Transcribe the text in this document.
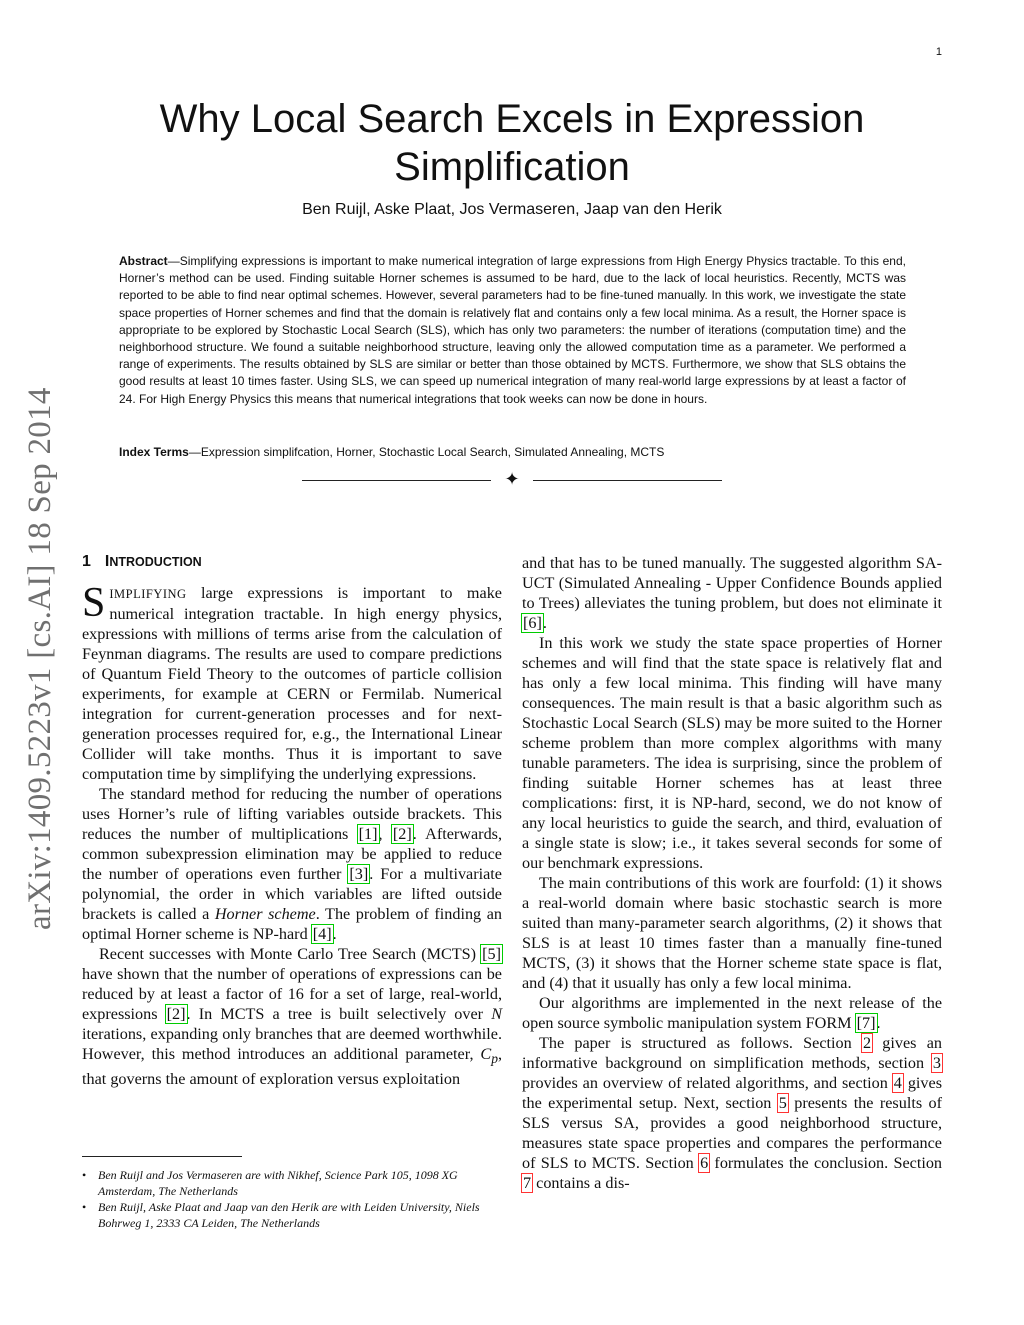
1
arXiv:1409.5223v1 [cs.AI] 18 Sep 2014
Why Local Search Excels in Expression Simplification
Ben Ruijl, Aske Plaat, Jos Vermaseren, Jaap van den Herik

Abstract—Simplifying expressions is important to make numerical integration of large expressions from High Energy Physics tractable. To this end, Horner’s method can be used. Finding suitable Horner schemes is assumed to be hard, due to the lack of local heuristics. Recently, MCTS was reported to be able to find near optimal schemes. However, several parameters had to be fine-tuned manually. In this work, we investigate the state space properties of Horner schemes and find that the domain is relatively flat and contains only a few local minima. As a result, the Horner space is appropriate to be explored by Stochastic Local Search (SLS), which has only two parameters: the number of iterations (computation time) and the neighborhood structure. We found a suitable neighborhood structure, leaving only the allowed computation time as a parameter. We performed a range of experiments. The results obtained by SLS are similar or better than those obtained by MCTS. Furthermore, we show that SLS obtains the good results at least 10 times faster. Using SLS, we can speed up numerical integration of many real-world large expressions by at least a factor of 24. For High Energy Physics this means that numerical integrations that took weeks can now be done in hours.

Index Terms—Expression simplifcation, Horner, Stochastic Local Search, Simulated Annealing, MCTS

✦
1 INTRODUCTION

SIMPLIFYING large expressions is important to make numerical integration tractable. In high energy physics, expressions with millions of terms arise from the calculation of Feynman diagrams. The results are used to compare predictions of Quantum Field Theory to the outcomes of particle collision experiments, for example at CERN or Fermilab. Numerical integration for current-generation processes and for next-generation processes required for, e.g., the International Linear Collider will take months. Thus it is important to save computation time by simplifying the underlying expressions.

The standard method for reducing the number of operations uses Horner’s rule of lifting variables outside brackets. This reduces the number of multiplications [1], [2]. Afterwards, common subexpression elimination may be applied to reduce the number of operations even further [3]. For a multivariate polynomial, the order in which variables are lifted outside brackets is called a Horner scheme. The problem of finding an optimal Horner scheme is NP-hard [4].

Recent successes with Monte Carlo Tree Search (MCTS) [5] have shown that the number of operations of expressions can be reduced by at least a factor of 16 for a set of large, real-world, expressions [2]. In MCTS a tree is built selectively over N iterations, expanding only branches that are deemed worthwhile. However, this method introduces an additional parameter, $C_p$, that governs the amount of exploration versus exploitation

• Ben Ruijl and Jos Vermaseren are with Nikhef, Science Park 105, 1098 XG Amsterdam, The Netherlands
• Ben Ruijl, Aske Plaat and Jaap van den Herik are with Leiden University, Niels Bohrweg 1, 2333 CA Leiden, The Netherlands

and that has to be tuned manually. The suggested algorithm SA-UCT (Simulated Annealing - Upper Confidence Bounds applied to Trees) alleviates the tuning problem, but does not eliminate it [6].

In this work we study the state space properties of Horner schemes and will find that the state space is relatively flat and has only a few local minima. This finding will have many consequences. The main result is that a basic algorithm such as Stochastic Local Search (SLS) may be more suited to the Horner scheme problem than more complex algorithms with many tunable parameters. The idea is surprising, since the problem of finding suitable Horner schemes has at least three complications: first, it is NP-hard, second, we do not know of any local heuristics to guide the search, and third, evaluation of a single state is slow; i.e., it takes several seconds for some of our benchmark expressions.

The main contributions of this work are fourfold: (1) it shows a real-world domain where basic stochastic search is more suited than many-parameter search algorithms, (2) it shows that SLS is at least 10 times faster than a manually fine-tuned MCTS, (3) it shows that the Horner scheme state space is flat, and (4) that it usually has only a few local minima.

Our algorithms are implemented in the next release of the open source symbolic manipulation system FORM [7].

The paper is structured as follows. Section 2 gives an informative background on simplification methods, section 3 provides an overview of related algorithms, and section 4 gives the experimental setup. Next, section 5 presents the results of SLS versus SA, provides a good neighborhood structure, measures state space properties and compares the performance of SLS to MCTS. Section 6 formulates the conclusion. Section 7 contains a dis-
